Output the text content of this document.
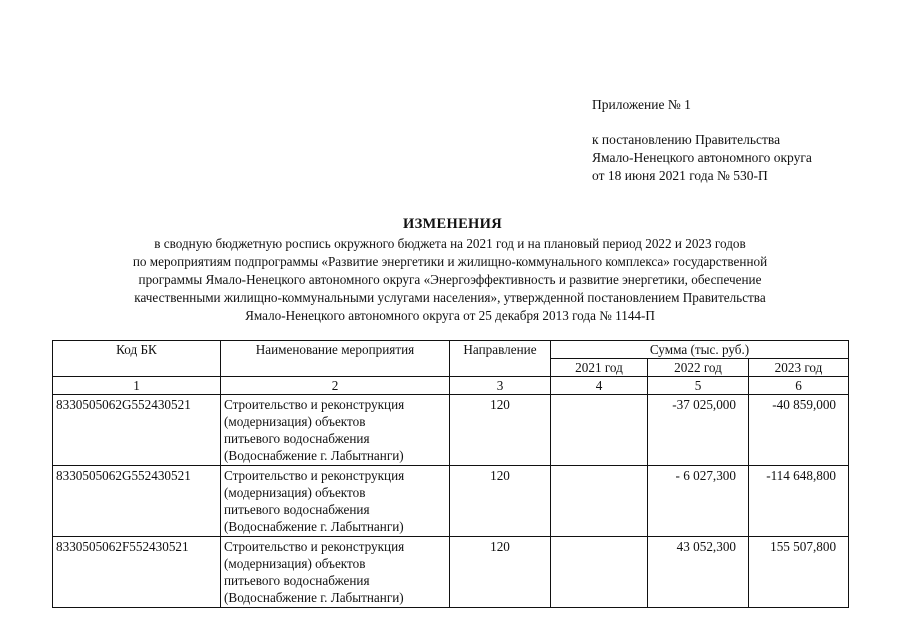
Приложение № 1
к постановлению Правительства
Ямало-Ненецкого автономного округа
от 18 июня 2021 года № 530-П
ИЗМЕНЕНИЯ
в сводную бюджетную роспись окружного бюджета на 2021 год и на плановый период 2022 и 2023 годов
по мероприятиям подпрограммы «Развитие энергетики и жилищно-коммунального комплекса» государственной
программы Ямало-Ненецкого автономного округа «Энергоэффективность и развитие энергетики, обеспечение
качественными жилищно-коммунальными услугами населения», утвержденной постановлением Правительства
Ямало-Ненецкого автономного округа от 25 декабря 2013 года № 1144-П
Код БК	Наименование мероприятия	Направление	Сумма (тыс. руб.)		
			2021 год	2022 год	2023 год
1	2	3	4	5	6
8330505062G552430521	Строительство и реконструкция
(модернизация) объектов
питьевого водоснабжения
(Водоснабжение г. Лабытнанги)	120		-37 025,000	-40 859,000
8330505062G552430521	Строительство и реконструкция
(модернизация) объектов
питьевого водоснабжения
(Водоснабжение г. Лабытнанги)	120		- 6 027,300	-114 648,800
8330505062F552430521	Строительство и реконструкция
(модернизация) объектов
питьевого водоснабжения
(Водоснабжение г. Лабытнанги)	120		43 052,300	155 507,800
